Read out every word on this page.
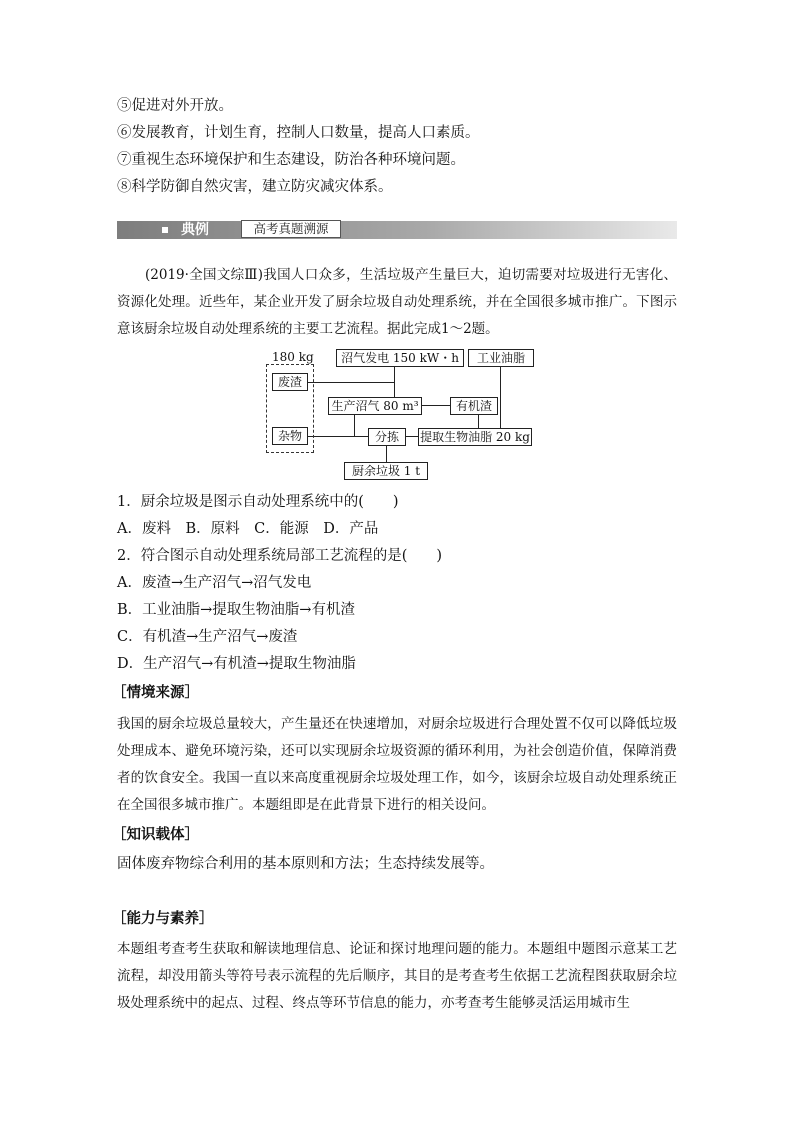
⑤促进对外开放。
⑥发展教育，计划生育，控制人口数量，提高人口素质。
⑦重视生态环境保护和生态建设，防治各种环境问题。
⑧科学防御自然灾害，建立防灾减灾体系。
典例	高考真题溯源
(2019·全国文综Ⅲ)我国人口众多，生活垃圾产生量巨大，迫切需要对垃圾进行无害化、资源化处理。近些年，某企业开发了厨余垃圾自动处理系统，并在全国很多城市推广。下图示意该厨余垃圾自动处理系统的主要工艺流程。据此完成1～2题。
180 kg
废渣
杂物
沼气发电 150 kW・h	工业油脂
生产沼气 80 m³	有机渣
分拣	提取生物油脂 20 kg
厨余垃圾 1 t
1．厨余垃圾是图示自动处理系统中的(　　)
A．废料　B．原料　C．能源　D．产品
2．符合图示自动处理系统局部工艺流程的是(　　)
A．废渣→生产沼气→沼气发电
B．工业油脂→提取生物油脂→有机渣
C．有机渣→生产沼气→废渣
D．生产沼气→有机渣→提取生物油脂
［情境来源］
我国的厨余垃圾总量较大，产生量还在快速增加，对厨余垃圾进行合理处置不仅可以降低垃圾处理成本、避免环境污染，还可以实现厨余垃圾资源的循环利用，为社会创造价值，保障消费者的饮食安全。我国一直以来高度重视厨余垃圾处理工作，如今，该厨余垃圾自动处理系统正在全国很多城市推广。本题组即是在此背景下进行的相关设问。
［知识载体］
固体废弃物综合利用的基本原则和方法；生态持续发展等。
［能力与素养］
本题组考查考生获取和解读地理信息、论证和探讨地理问题的能力。本题组中题图示意某工艺流程，却没用箭头等符号表示流程的先后顺序，其目的是考查考生依据工艺流程图获取厨余垃圾处理系统中的起点、过程、终点等环节信息的能力，亦考查考生能够灵活运用城市生
